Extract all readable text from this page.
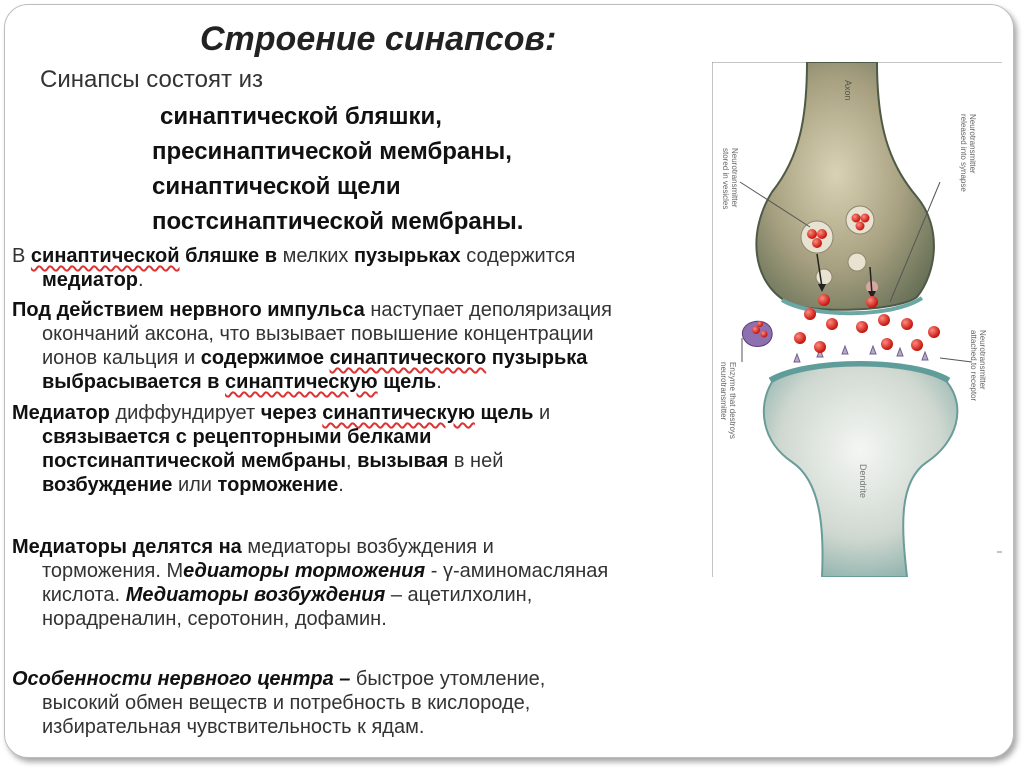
Строение синапсов:
Синапсы состоят из
синаптической бляшки,
пресинаптической мембраны,
синаптической щели
постсинаптической мембраны.
В синаптической бляшке в мелких пузырьках содержится
медиатор.
Под действием нервного импульса наступает деполяризация
окончаний аксона, что вызывает повышение концентрации
ионов кальция и содержимое синаптического пузырька
выбрасывается в синаптическую щель.
Медиатор диффундирует через синаптическую щель и
связывается с рецепторными белками
постсинаптической мембраны, вызывая в ней
возбуждение или торможение.
Медиаторы делятся на медиаторы возбуждения и
торможения. Медиаторы торможения - γ-аминомасляная
кислота. Медиаторы возбуждения – ацетилхолин,
норадреналин, серотонин, дофамин.
Особенности нервного центра – быстрое утомление,
высокий обмен веществ и потребность в кислороде,
избирательная чувствительность к ядам.
Axon
Dendrite
Neurotransmitterstored in vesicles
Neurotransmitterreleased into synapse
Neurotransmitterattached to receptor
Enzyme that destroysneurotransmitter
